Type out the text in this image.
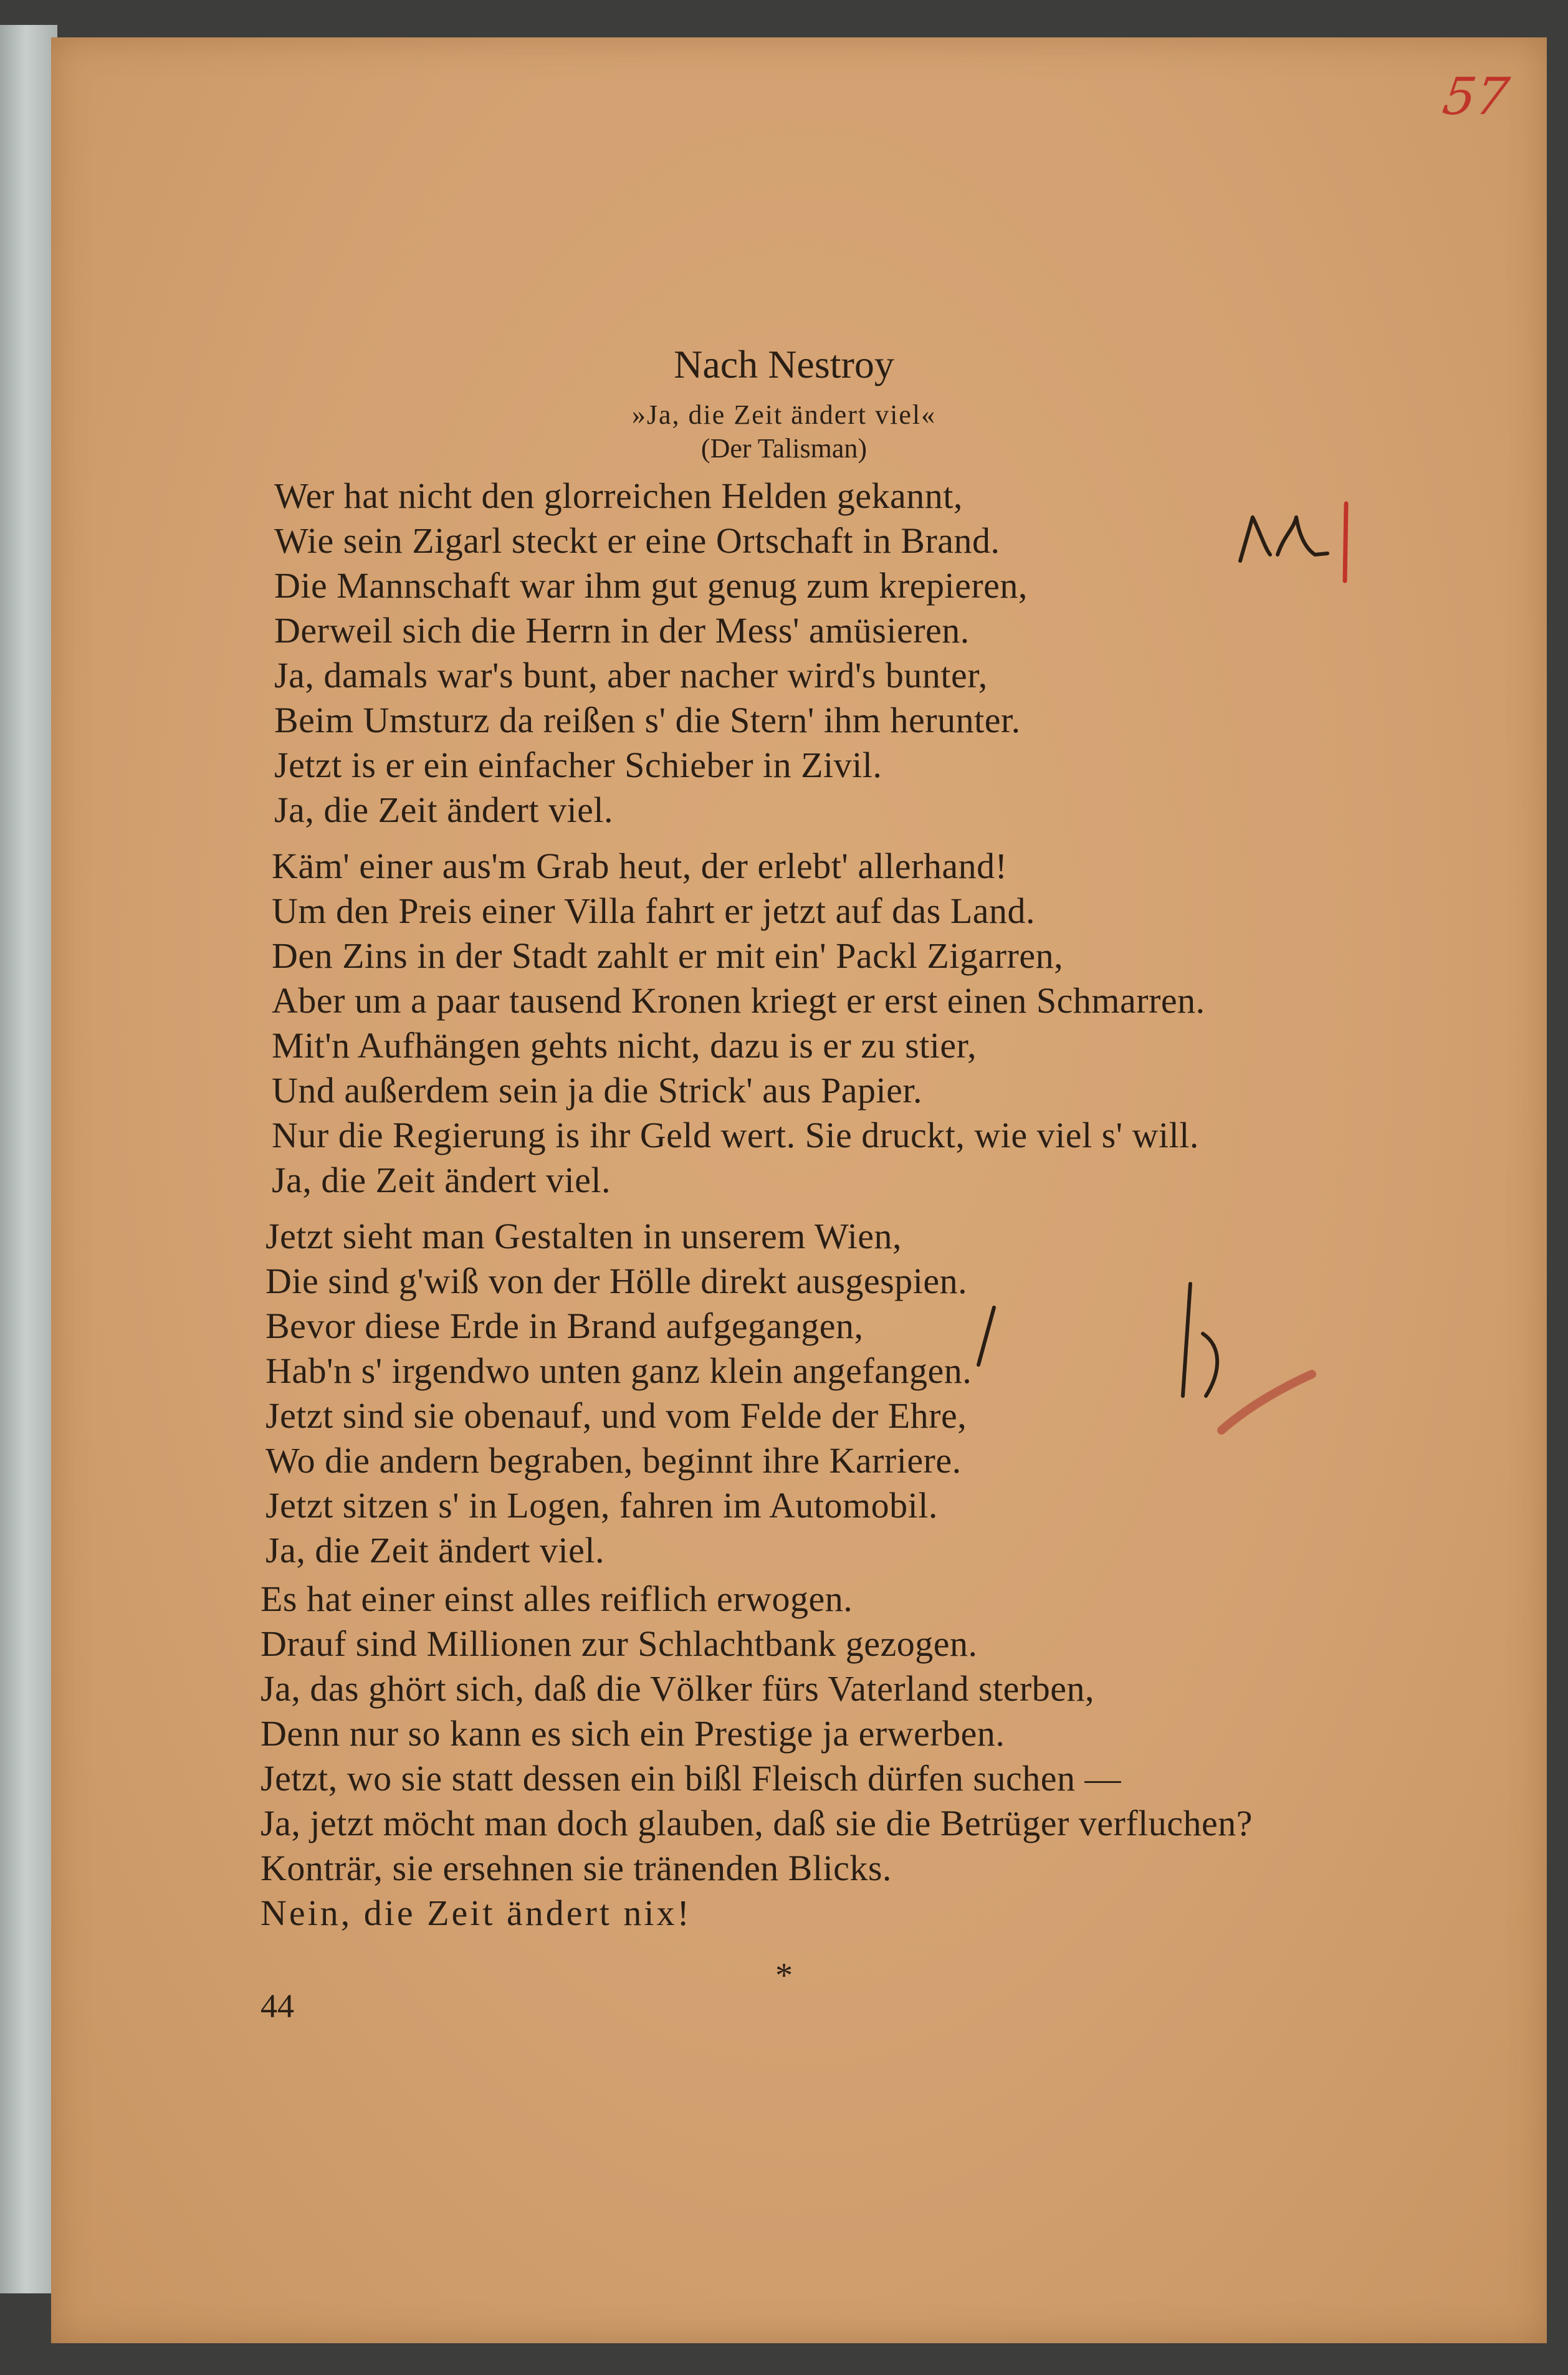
57
Nach Nestroy
»Ja, die Zeit ändert viel«
(Der Talisman)
Wer hat nicht den glorreichen Helden gekannt,
Wie sein Zigarl steckt er eine Ortschaft in Brand.
Die Mannschaft war ihm gut genug zum krepieren,
Derweil sich die Herrn in der Mess' amüsieren.
Ja, damals war's bunt, aber nacher wird's bunter,
Beim Umsturz da reißen s' die Stern' ihm herunter.
Jetzt is er ein einfacher Schieber in Zivil.
Ja, die Zeit ändert viel.
Käm' einer aus'm Grab heut, der erlebt' allerhand!
Um den Preis einer Villa fahrt er jetzt auf das Land.
Den Zins in der Stadt zahlt er mit ein' Packl Zigarren,
Aber um a paar tausend Kronen kriegt er erst einen Schmarren.
Mit'n Aufhängen gehts nicht, dazu is er zu stier,
Und außerdem sein ja die Strick' aus Papier.
Nur die Regierung is ihr Geld wert. Sie druckt, wie viel s' will.
Ja, die Zeit ändert viel.
Jetzt sieht man Gestalten in unserem Wien,
Die sind g'wiß von der Hölle direkt ausgespien.
Bevor diese Erde in Brand aufgegangen,
Hab'n s' irgendwo unten ganz klein angefangen.
Jetzt sind sie obenauf, und vom Felde der Ehre,
Wo die andern begraben, beginnt ihre Karriere.
Jetzt sitzen s' in Logen, fahren im Automobil.
Ja, die Zeit ändert viel.
Es hat einer einst alles reiflich erwogen.
Drauf sind Millionen zur Schlachtbank gezogen.
Ja, das ghört sich, daß die Völker fürs Vaterland sterben,
Denn nur so kann es sich ein Prestige ja erwerben.
Jetzt, wo sie statt dessen ein bißl Fleisch dürfen suchen —
Ja, jetzt möcht man doch glauben, daß sie die Betrüger verfluchen?
Konträr, sie ersehnen sie tränenden Blicks.
Nein, die Zeit ändert nix!
*
44
